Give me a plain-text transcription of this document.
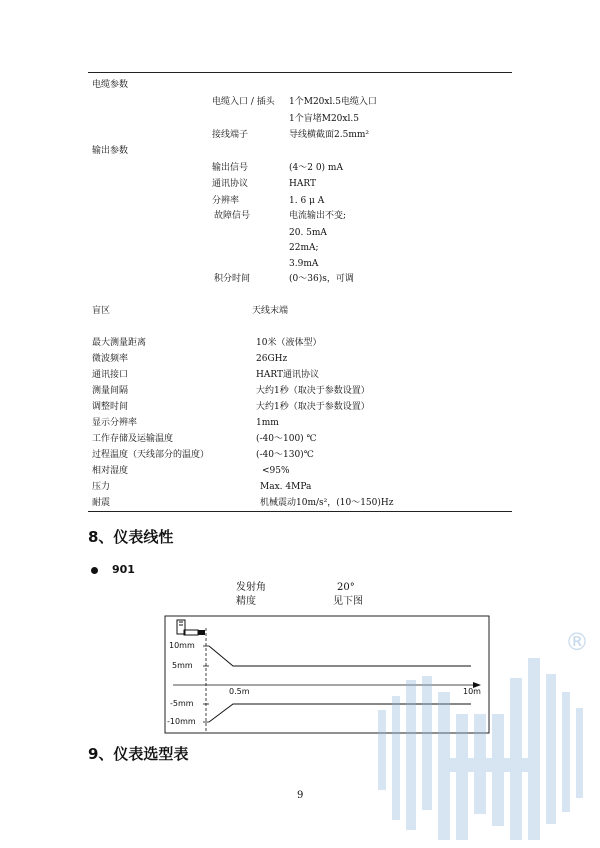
电缆参数
电缆入口 / 插头 1个M20xl.5电缆入口
1个盲堵M20xl.5
接线端子	导线横截面2.5mm²
输出参数
输出信号	(4～2 0) mA
通讯协议	HART
分辨率	1. 6 μ A
故障信号	电流输出不变;
20. 5mA
22mA;
3.9mA
积分时间	(0～36)s，可调
盲区	天线末端
最大测量距离	10米（液体型）
微波频率	26GHz
通讯接口	HART通讯协议
测量间隔	大约1秒（取决于参数设置）
调整时间	大约1秒（取决于参数设置）
显示分辨率	1mm
工作存储及运输温度	(-40～100) ℃
过程温度（天线部分的温度）	(-40～130)℃
相对湿度	<95%
压力	Max. 4MPa
耐震	机械震动10m/s²，(10～150)Hz
8、仪表线性
901
发射角
精度
20°
见下图
10mm
5mm
-5mm
-10mm
0.5m	10m
9、仪表选型表
9
®
